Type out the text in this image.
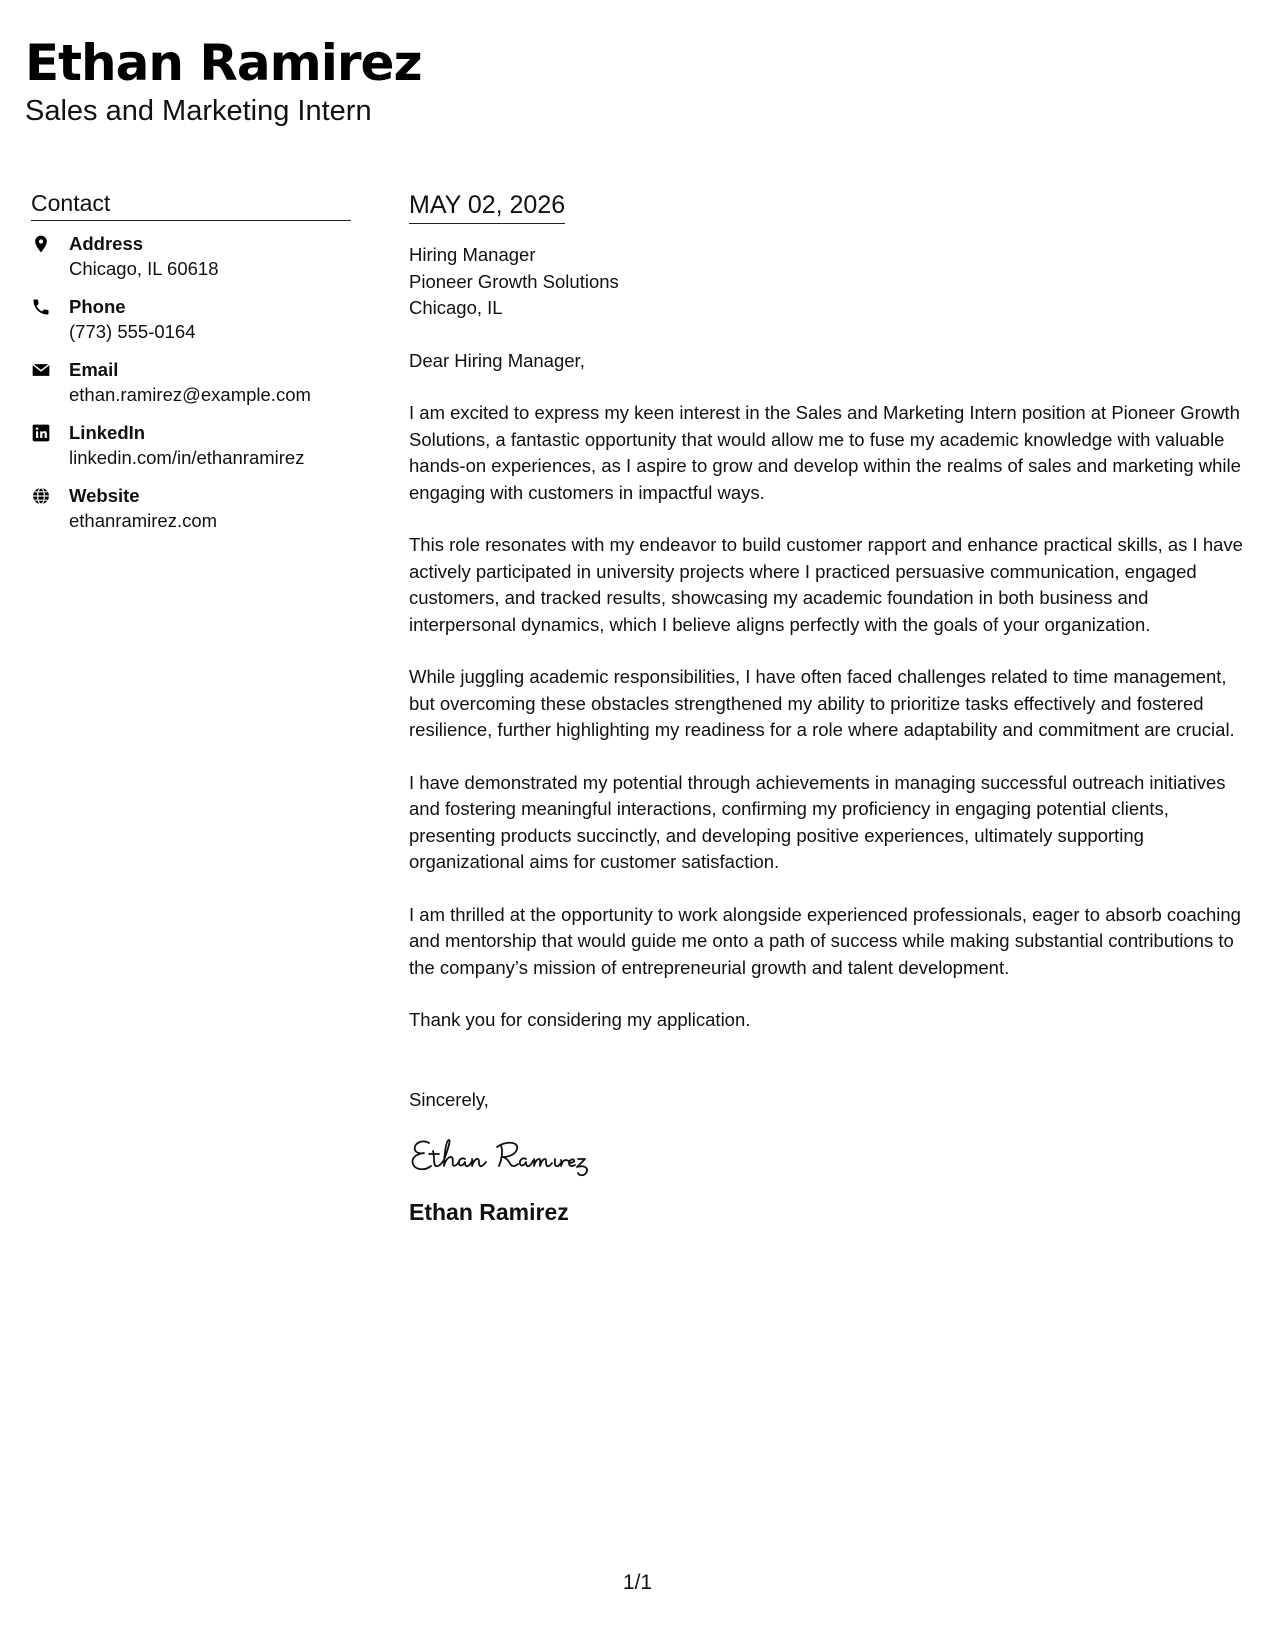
Ethan Ramirez

Sales and Marketing Intern

Contact
Address
Chicago, IL 60618
Phone
(773) 555-0164
Email
ethan.ramirez@example.com
LinkedIn
linkedin.com/in/ethanramirez
Website
ethanramirez.com
MAY 02, 2026
Hiring Manager
Pioneer Growth Solutions
Chicago, IL

Dear Hiring Manager,

I am excited to express my keen interest in the Sales and Marketing Intern position at Pioneer Growth Solutions, a fantastic opportunity that would allow me to fuse my academic knowledge with valuable hands-on experiences, as I aspire to grow and develop within the realms of sales and marketing while engaging with customers in impactful ways.

This role resonates with my endeavor to build customer rapport and enhance practical skills, as I have actively participated in university projects where I practiced persuasive communication, engaged customers, and tracked results, showcasing my academic foundation in both business and interpersonal dynamics, which I believe aligns perfectly with the goals of your organization.

While juggling academic responsibilities, I have often faced challenges related to time management, but overcoming these obstacles strengthened my ability to prioritize tasks effectively and fostered resilience, further highlighting my readiness for a role where adaptability and commitment are crucial.

I have demonstrated my potential through achievements in managing successful outreach initiatives and fostering meaningful interactions, confirming my proficiency in engaging potential clients, presenting products succinctly, and developing positive experiences, ultimately supporting organizational aims for customer satisfaction.

I am thrilled at the opportunity to work alongside experienced professionals, eager to absorb coaching and mentorship that would guide me onto a path of success while making substantial contributions to the company’s mission of entrepreneurial growth and talent development.

Thank you for considering my application.

Sincerely,
Ethan Ramirez
1/1
